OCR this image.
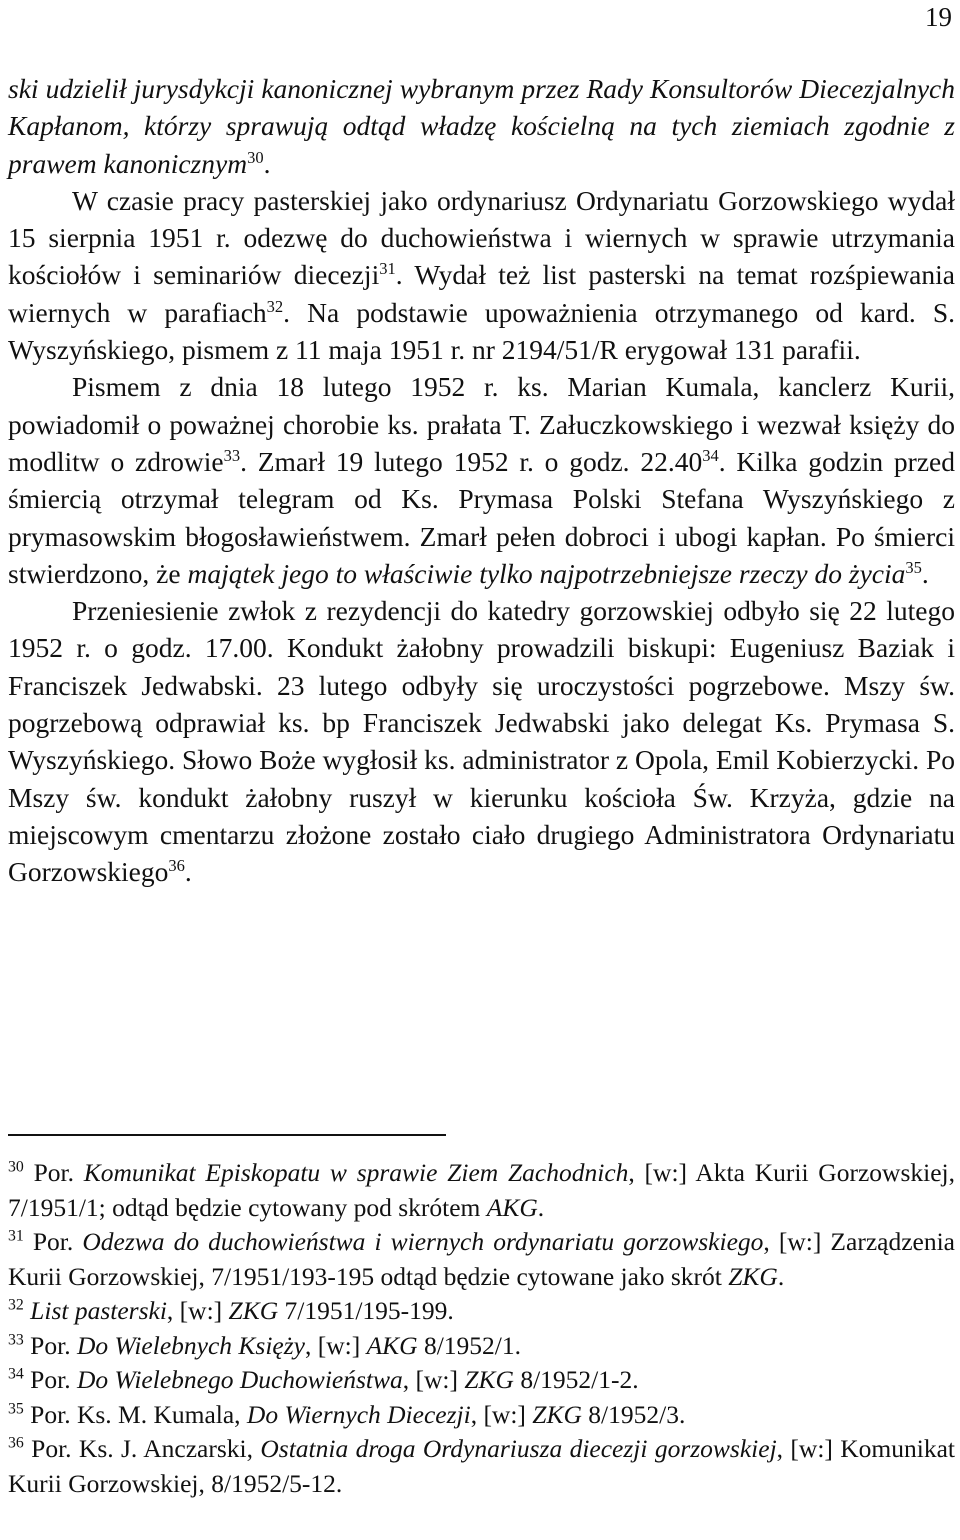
19

ski udzielił jurysdykcji kanonicznej wybranym przez Rady Konsultorów Diecezjalnych Kapłanom, którzy sprawują odtąd władzę kościelną na tych ziemiach zgodnie z prawem kanonicznym$^{30}$.

W czasie pracy pasterskiej jako ordynariusz Ordynariatu Gorzowskiego wydał 15 sierpnia 1951 r. odezwę do duchowieństwa i wiernych w sprawie utrzymania kościołów i seminariów diecezji$^{31}$. Wydał też list pasterski na temat rozśpiewania wiernych w parafiach$^{32}$. Na podstawie upoważnienia otrzymanego od kard. S. Wyszyńskiego, pismem z 11 maja 1951 r. nr 2194/51/R erygował 131 parafii.

Pismem z dnia 18 lutego 1952 r. ks. Marian Kumala, kanclerz Kurii, powiadomił o poważnej chorobie ks. prałata T. Załuczkowskiego i wezwał księży do modlitw o zdrowie$^{33}$. Zmarł 19 lutego 1952 r. o godz. 22.40$^{34}$. Kilka godzin przed śmiercią otrzymał telegram od Ks. Prymasa Polski Stefana Wyszyńskiego z prymasowskim błogosławieństwem. Zmarł pełen dobroci i ubogi kapłan. Po śmierci stwierdzono, że majątek jego to właściwie tylko najpotrzebniejsze rzeczy do życia$^{35}$.

Przeniesienie zwłok z rezydencji do katedry gorzowskiej odbyło się 22 lutego 1952 r. o godz. 17.00. Kondukt żałobny prowadzili biskupi: Eugeniusz Baziak i Franciszek Jedwabski. 23 lutego odbyły się uroczystości pogrzebowe. Mszy św. pogrzebową odprawiał ks. bp Franciszek Jedwabski jako delegat Ks. Prymasa S. Wyszyńskiego. Słowo Boże wygłosił ks. administrator z Opola, Emil Kobierzycki. Po Mszy św. kondukt żałobny ruszył w kierunku kościoła Św. Krzyża, gdzie na miejscowym cmentarzu złożone zostało ciało drugiego Administratora Ordynariatu Gorzowskiego$^{36}$.

$^{30}$ Por. Komunikat Episkopatu w sprawie Ziem Zachodnich, [w:] Akta Kurii Gorzowskiej, 7/1951/1; odtąd będzie cytowany pod skrótem AKG.

$^{31}$ Por. Odezwa do duchowieństwa i wiernych ordynariatu gorzowskiego, [w:] Zarządzenia Kurii Gorzowskiej, 7/1951/193-195 odtąd będzie cytowane jako skrót ZKG.

$^{32}$ List pasterski, [w:] ZKG 7/1951/195-199.

$^{33}$ Por. Do Wielebnych Księży, [w:] AKG 8/1952/1.

$^{34}$ Por. Do Wielebnego Duchowieństwa, [w:] ZKG 8/1952/1-2.

$^{35}$ Por. Ks. M. Kumala, Do Wiernych Diecezji, [w:] ZKG 8/1952/3.

$^{36}$ Por. Ks. J. Anczarski, Ostatnia droga Ordynariusza diecezji gorzowskiej, [w:] Komunikat Kurii Gorzowskiej, 8/1952/5-12.
